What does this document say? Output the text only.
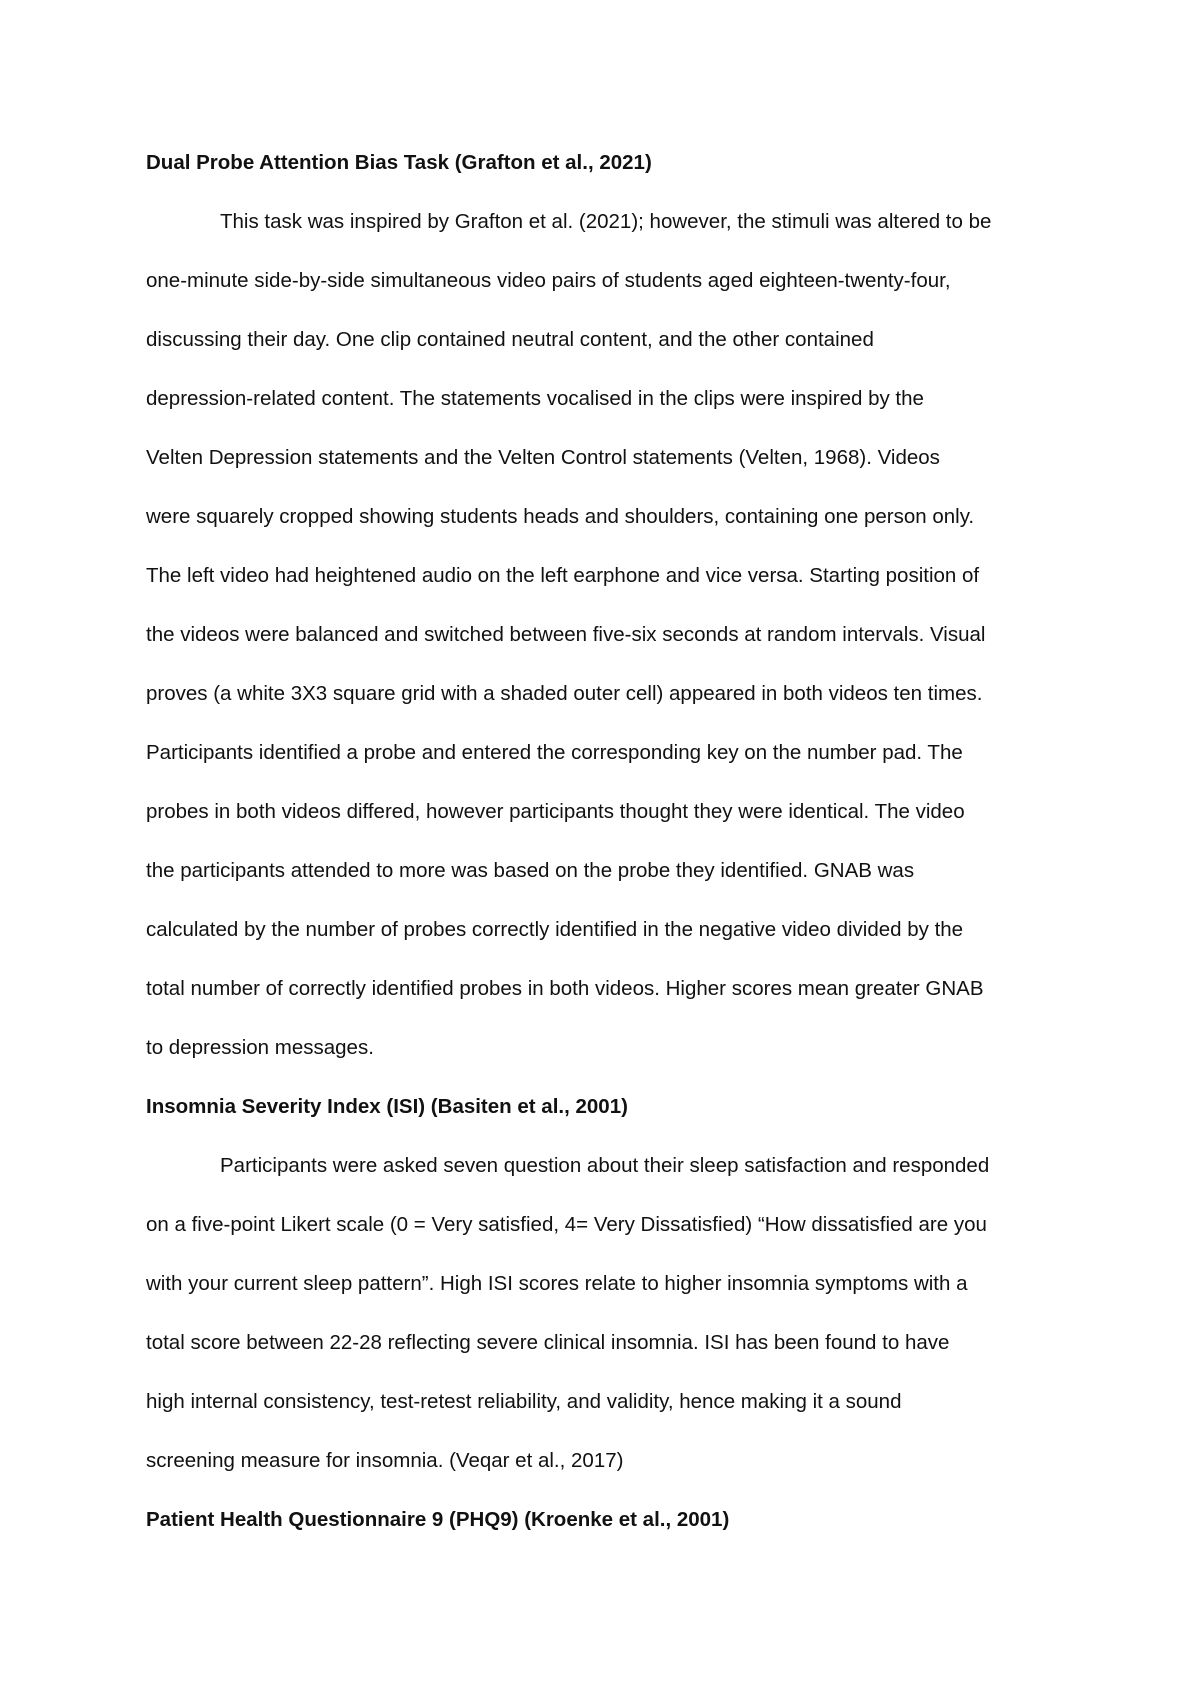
Dual Probe Attention Bias Task (Grafton et al., 2021)
This task was inspired by Grafton et al. (2021); however, the stimuli was altered to be
one-minute side-by-side simultaneous video pairs of students aged eighteen-twenty-four,
discussing their day. One clip contained neutral content, and the other contained
depression-related content. The statements vocalised in the clips were inspired by the
Velten Depression statements and the Velten Control statements (Velten, 1968). Videos
were squarely cropped showing students heads and shoulders, containing one person only.
The left video had heightened audio on the left earphone and vice versa. Starting position of
the videos were balanced and switched between five-six seconds at random intervals. Visual
proves (a white 3X3 square grid with a shaded outer cell) appeared in both videos ten times.
Participants identified a probe and entered the corresponding key on the number pad. The
probes in both videos differed, however participants thought they were identical. The video
the participants attended to more was based on the probe they identified. GNAB was
calculated by the number of probes correctly identified in the negative video divided by the
total number of correctly identified probes in both videos. Higher scores mean greater GNAB
to depression messages.
Insomnia Severity Index (ISI) (Basiten et al., 2001)
Participants were asked seven question about their sleep satisfaction and responded
on a five-point Likert scale (0 = Very satisfied, 4= Very Dissatisfied) “How dissatisfied are you
with your current sleep pattern”. High ISI scores relate to higher insomnia symptoms with a
total score between 22-28 reflecting severe clinical insomnia. ISI has been found to have
high internal consistency, test-retest reliability, and validity, hence making it a sound
screening measure for insomnia. (Veqar et al., 2017)
Patient Health Questionnaire 9 (PHQ9) (Kroenke et al., 2001)
